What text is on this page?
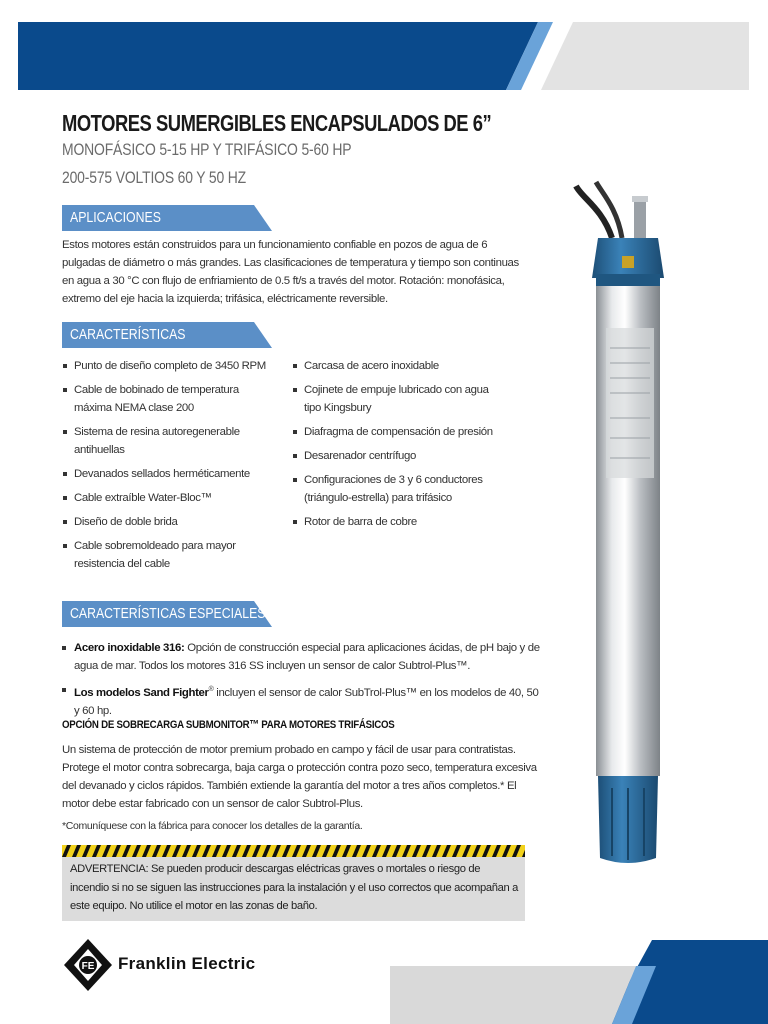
MOTORES SUMERGIBLES ENCAPSULADOS DE 6”
MONOFÁSICO 5-15 HP Y TRIFÁSICO 5-60 HP
200-575 VOLTIOS 60 Y 50 HZ
APLICACIONES
Estos motores están construidos para un funcionamiento confiable en pozos de agua de 6 pulgadas de diámetro o más grandes. Las clasificaciones de temperatura y tiempo son continuas en agua a 30 °C con flujo de enfriamiento de 0.5 ft/s a través del motor. Rotación: monofásica, extremo del eje hacia la izquierda; trifásica, eléctricamente reversible.
CARACTERÍSTICAS
Punto de diseño completo de 3450 RPM
Cable de bobinado de temperatura máxima NEMA clase 200
Sistema de resina autoregenerable antihuellas
Devanados sellados herméticamente
Cable extraíble Water-Bloc™
Diseño de doble brida
Cable sobremoldeado para mayor resistencia del cable
Carcasa de acero inoxidable
Cojinete de empuje lubricado con agua tipo Kingsbury
Diafragma de compensación de presión
Desarenador centrífugo
Configuraciones de 3 y 6 conductores (triángulo-estrella) para trifásico
Rotor de barra de cobre
CARACTERÍSTICAS ESPECIALES
Acero inoxidable 316: Opción de construcción especial para aplicaciones ácidas, de pH bajo y de agua de mar. Todos los motores 316 SS incluyen un sensor de calor Subtrol-Plus™.
Los modelos Sand Fighter® incluyen el sensor de calor SubTrol-Plus™ en los modelos de 40, 50 y 60 hp.
OPCIÓN DE SOBRECARGA SUBMONITOR™ PARA MOTORES TRIFÁSICOS
Un sistema de protección de motor premium probado en campo y fácil de usar para contratistas. Protege el motor contra sobrecarga, baja carga o protección contra pozo seco, temperatura excesiva del devanado y ciclos rápidos. También extiende la garantía del motor a tres años completos.* El motor debe estar fabricado con un sensor de calor Subtrol-Plus.
*Comuníquese con la fábrica para conocer los detalles de la garantía.
ADVERTENCIA: Se pueden producir descargas eléctricas graves o mortales o riesgo de incendio si no se siguen las instrucciones para la instalación y el uso correctos que acompañan a este equipo. No utilice el motor en las zonas de baño.
FE Franklin Electric
